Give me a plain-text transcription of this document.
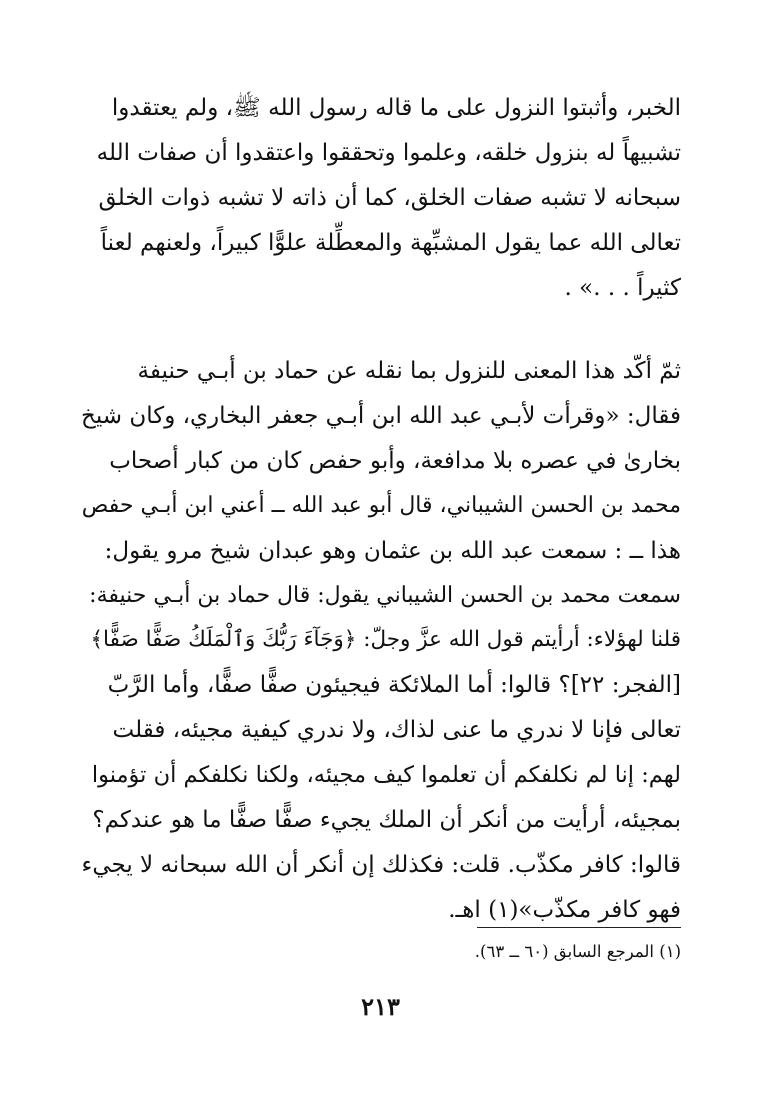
الخبر، وأثبتوا النزول على ما قاله رسول الله ﷺ، ولم يعتقدوا
تشبيهاً له بنزول خلقه، وعلموا وتحققوا واعتقدوا أن صفات الله
سبحانه لا تشبه صفات الخلق، كما أن ذاته لا تشبه ذوات الخلق
تعالى الله عما يقول المشبِّهة والمعطِّلة علوًّا كبيراً، ولعنهم لعناً
كثيراً . . .» .
ثمّ أكّد هذا المعنى للنزول بما نقله عن حماد بن أبـي حنيفة
فقال: «وقرأت لأبـي عبد الله ابن أبـي جعفر البخاري، وكان شيخ
بخارىٰ في عصره بلا مدافعة، وأبو حفص كان من كبار أصحاب
محمد بن الحسن الشيباني، قال أبو عبد الله ــ أعني ابن أبـي حفص
هذا ــ : سمعت عبد الله بن عثمان وهو عبدان شيخ مرو يقول:
سمعت محمد بن الحسن الشيباني يقول: قال حماد بن أبـي حنيفة:
قلنا لهؤلاء: أرأيتم قول الله عزَّ وجلّ: ﴿وَجَآءَ رَبُّكَ وَٱلْمَلَكُ صَفًّا صَفًّا﴾
[الفجر: ٢٢]؟ قالوا: أما الملائكة فيجيئون صفًّا صفًّا، وأما الرَّبّ
تعالى فإنا لا ندري ما عنى لذاك، ولا ندري كيفية مجيئه، فقلت
لهم: إنا لم نكلفكم أن تعلموا كيف مجيئه، ولكنا نكلفكم أن تؤمنوا
بمجيئه، أرأيت من أنكر أن الملك يجيء صفًّا صفًّا ما هو عندكم؟
قالوا: كافر مكذّب. قلت: فكذلك إن أنكر أن الله سبحانه لا يجيء
فهو كافر مكذّب»(١) اهـ.
(١) المرجع السابق (٦٠ ــ ٦٣).
٢١٣
